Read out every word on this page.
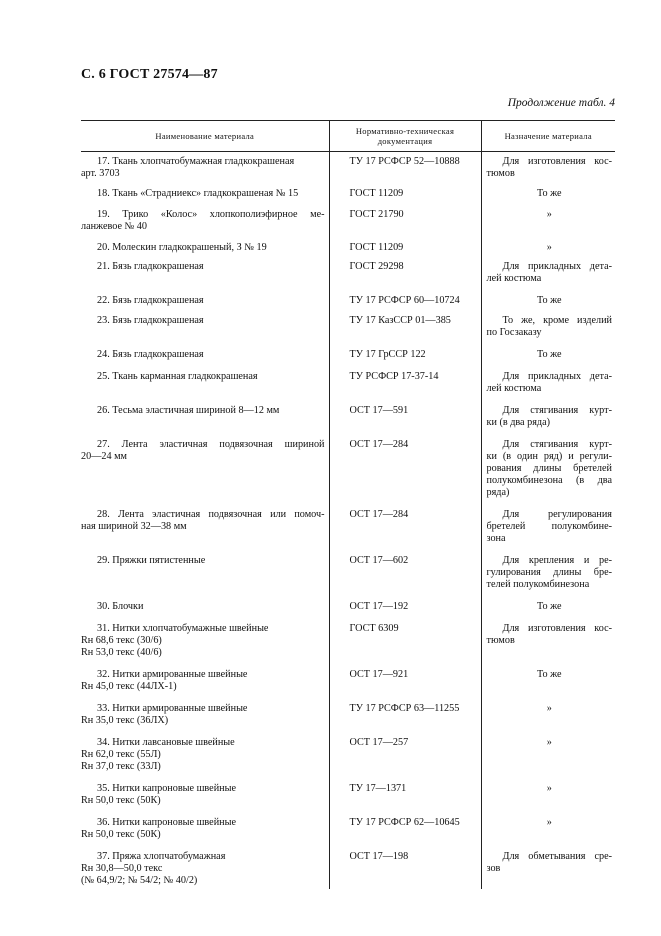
С. 6 ГОСТ 27574—87
Продолжение табл. 4
Наименование материала	Нормативно-техническая документация	Назначение материала

17. Ткань хлопчатобумажная гладкокрашеная
арт. 3703	ТУ 17 РСФСР 52—10888	Для изготовления кос-
тюмов

18. Ткань «Страдниекс» гладкокрашеная № 15	ГОСТ 11209	То же

19. Трико «Колос» хлопкополиэфирное ме-
ланжевое № 40	ГОСТ 21790	»

20. Молескин гладкокрашеный, З № 19	ГОСТ 11209	»

21. Бязь гладкокрашеная	ГОСТ 29298	Для прикладных дета-
лей костюма

22. Бязь гладкокрашеная	ТУ 17 РСФСР 60—10724	То же

23. Бязь гладкокрашеная	ТУ 17 КазССР 01—385	То же, кроме изделий
по Госзаказу

24. Бязь гладкокрашеная	ТУ 17 ГрССР 122	То же

25. Ткань карманная гладкокрашеная	ТУ РСФСР 17-37-14	Для прикладных дета-
лей костюма

26. Тесьма эластичная шириной 8—12 мм	ОСТ 17—591	Для стягивания курт-
ки (в два ряда)

27. Лента эластичная подвязочная шириной
20—24 мм	ОСТ 17—284	Для стягивания курт-
ки (в один ряд) и регули-
рования длины бретелей
полукомбинезона (в два
ряда)

28. Лента эластичная подвязочная или помоч-
ная шириной 32—38 мм	ОСТ 17—284	Для регулирования
бретелей полукомбине-
зона

29. Пряжки пятистенные	ОСТ 17—602	Для крепления и ре-
гулирования длины бре-
телей полукомбинезона

30. Блочки	ОСТ 17—192	То же

31. Нитки хлопчатобумажные швейные
Rн 68,6 текс (30/6)
Rн 53,0 текс (40/6)	ГОСТ 6309	Для изготовления кос-
тюмов

32. Нитки армированные швейные
Rн 45,0 текс (44ЛХ-1)	ОСТ 17—921	То же

33. Нитки армированные швейные
Rн 35,0 текс (36ЛХ)	ТУ 17 РСФСР 63—11255	»

34. Нитки лавсановые швейные
Rн 62,0 текс (55Л)
Rн 37,0 текс (33Л)	ОСТ 17—257	»

35. Нитки капроновые швейные
Rн 50,0 текс (50К)	ТУ 17—1371	»

36. Нитки капроновые швейные
Rн 50,0 текс (50К)	ТУ 17 РСФСР 62—10645	»

37. Пряжа хлопчатобумажная
Rн 30,8—50,0 текс
(№ 64,9/2; № 54/2; № 40/2)	ОСТ 17—198	Для обметывания сре-
зов
